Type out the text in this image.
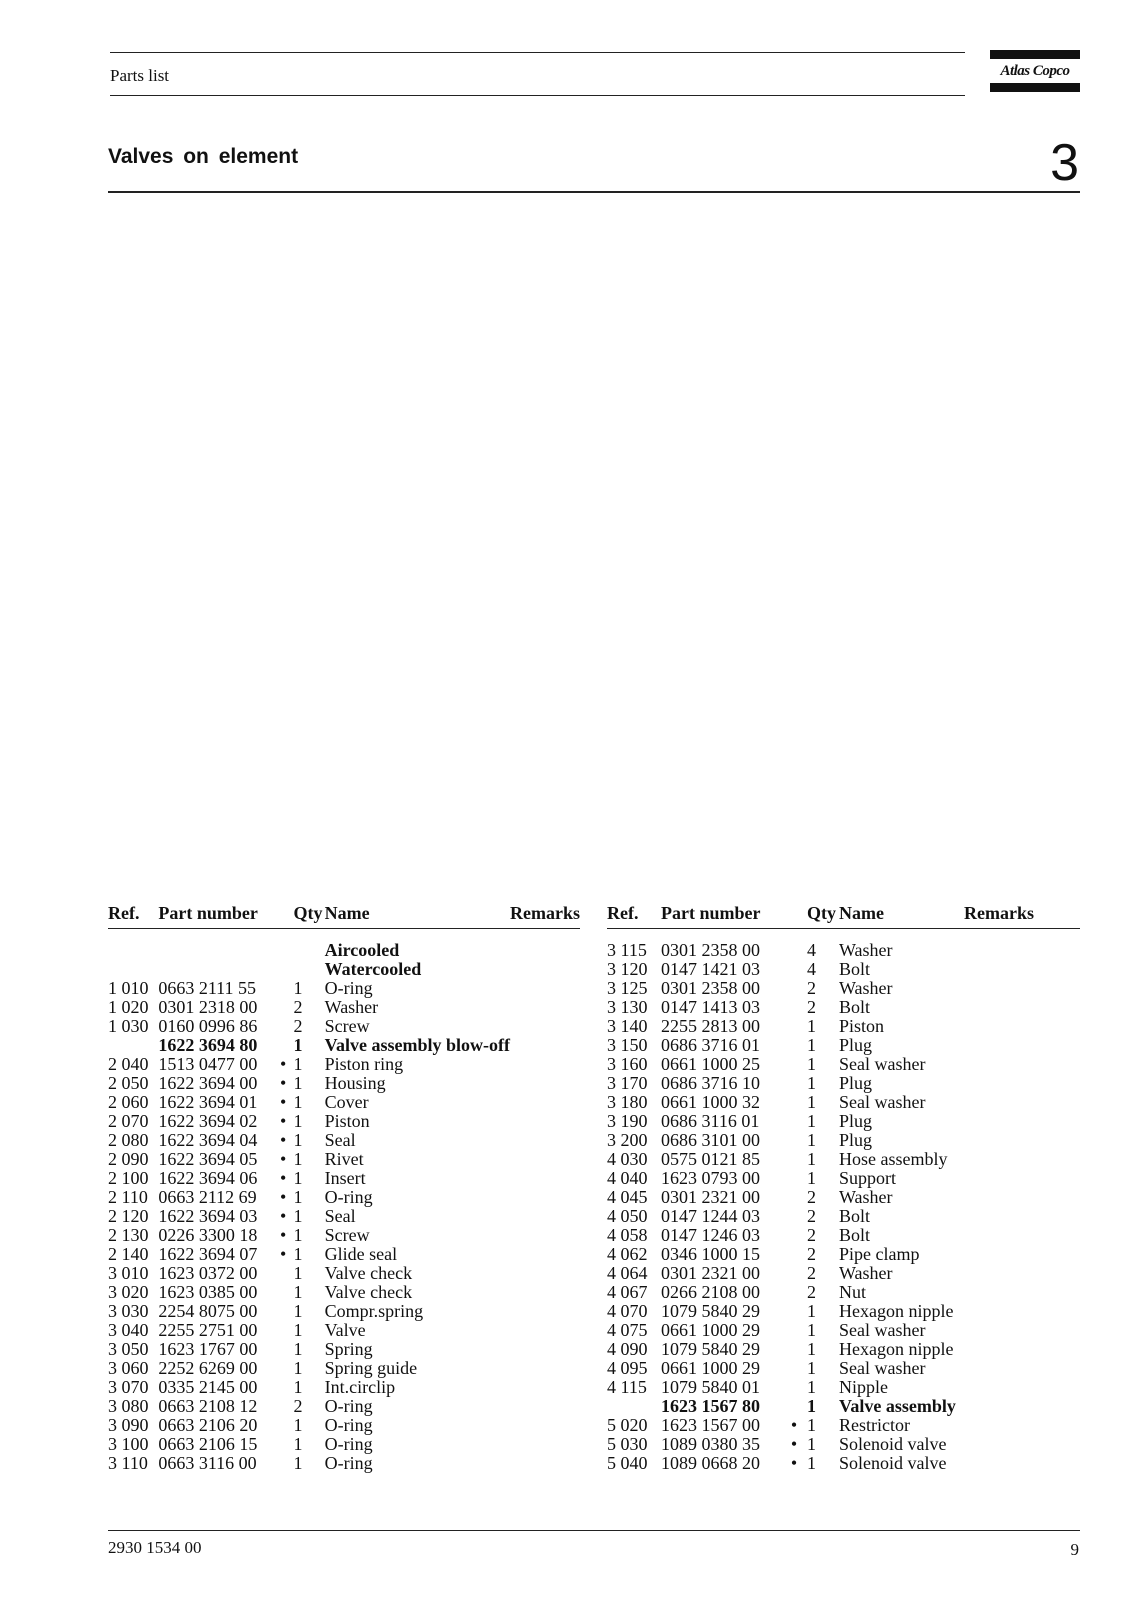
Parts list	Atlas Copco
Valves on element	3
Ref.	Part number		Qty	Name	Remarks

				Aircooled	
				Watercooled	
1 010	0663 2111 55		1	O-ring	
1 020	0301 2318 00		2	Washer	
1 030	0160 0996 86		2	Screw	
	1622 3694 80		1	Valve assembly blow-off	
2 040	1513 0477 00	•	1	Piston ring	
2 050	1622 3694 00	•	1	Housing	
2 060	1622 3694 01	•	1	Cover	
2 070	1622 3694 02	•	1	Piston	
2 080	1622 3694 04	•	1	Seal	
2 090	1622 3694 05	•	1	Rivet	
2 100	1622 3694 06	•	1	Insert	
2 110	0663 2112 69	•	1	O-ring	
2 120	1622 3694 03	•	1	Seal	
2 130	0226 3300 18	•	1	Screw	
2 140	1622 3694 07	•	1	Glide seal	
3 010	1623 0372 00		1	Valve check	
3 020	1623 0385 00		1	Valve check	
3 030	2254 8075 00		1	Compr.spring	
3 040	2255 2751 00		1	Valve	
3 050	1623 1767 00		1	Spring	
3 060	2252 6269 00		1	Spring guide	
3 070	0335 2145 00		1	Int.circlip	
3 080	0663 2108 12		2	O-ring	
3 090	0663 2106 20		1	O-ring	
3 100	0663 2106 15		1	O-ring	
3 110	0663 3116 00		1	O-ring	
Ref.	Part number		Qty	Name	Remarks

3 115	0301 2358 00		4	Washer	
3 120	0147 1421 03		4	Bolt	
3 125	0301 2358 00		2	Washer	
3 130	0147 1413 03		2	Bolt	
3 140	2255 2813 00		1	Piston	
3 150	0686 3716 01		1	Plug	
3 160	0661 1000 25		1	Seal washer	
3 170	0686 3716 10		1	Plug	
3 180	0661 1000 32		1	Seal washer	
3 190	0686 3116 01		1	Plug	
3 200	0686 3101 00		1	Plug	
4 030	0575 0121 85		1	Hose assembly	
4 040	1623 0793 00		1	Support	
4 045	0301 2321 00		2	Washer	
4 050	0147 1244 03		2	Bolt	
4 058	0147 1246 03		2	Bolt	
4 062	0346 1000 15		2	Pipe clamp	
4 064	0301 2321 00		2	Washer	
4 067	0266 2108 00		2	Nut	
4 070	1079 5840 29		1	Hexagon nipple	
4 075	0661 1000 29		1	Seal washer	
4 090	1079 5840 29		1	Hexagon nipple	
4 095	0661 1000 29		1	Seal washer	
4 115	1079 5840 01		1	Nipple	
	1623 1567 80		1	Valve assembly	
5 020	1623 1567 00	•	1	Restrictor	
5 030	1089 0380 35	•	1	Solenoid valve	
5 040	1089 0668 20	•	1	Solenoid valve	
2930 1534 00	9
